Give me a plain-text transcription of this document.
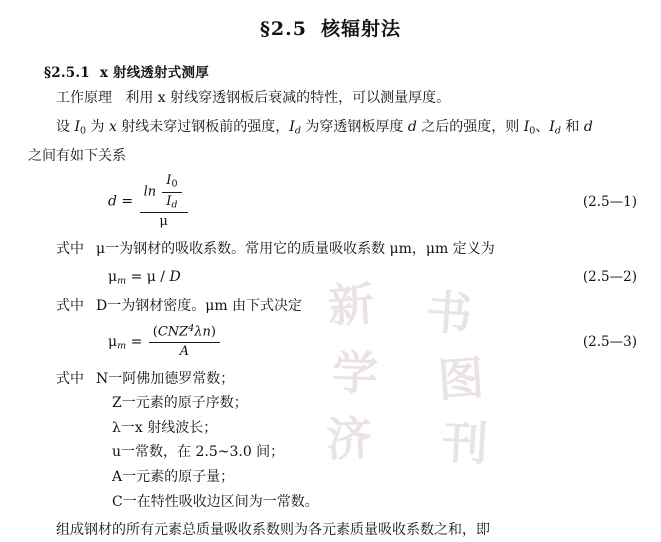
新 书
学 图
济 刊
§2.5 核辐射法
§2.5.1 x 射线透射式测厚

工作原理 利用 x 射线穿透钢板后衰减的特性，可以测量厚度。

设 I0 为 x 射线未穿过钢板前的强度，$I_d$ 为穿透钢板厚度 d 之后的强度，则 I0、$I_d$ 和 d

之间有如下关系

$d = \frac{\ln \frac{I_0}{I_d}}{\mu}$	(2.5—1)
式中 μ一为钢材的吸收系数。常用它的质量吸收系数 μm，μm 定义为
$\mu_m = \mu / D$	(2.5—2)
式中 D一为钢材密度。μm 由下式决定
$\mu_m = \frac{(CNZ^4\lambda n)}{A}$	(2.5—3)
式中 N一阿佛加德罗常数；
Z一元素的原子序数；
λ一x 射线波长；
u一常数，在 2.5~3.0 间；
A一元素的原子量；
C一在特性吸收边区间为一常数。

组成钢材的所有元素总质量吸收系数则为各元素质量吸收系数之和，即
